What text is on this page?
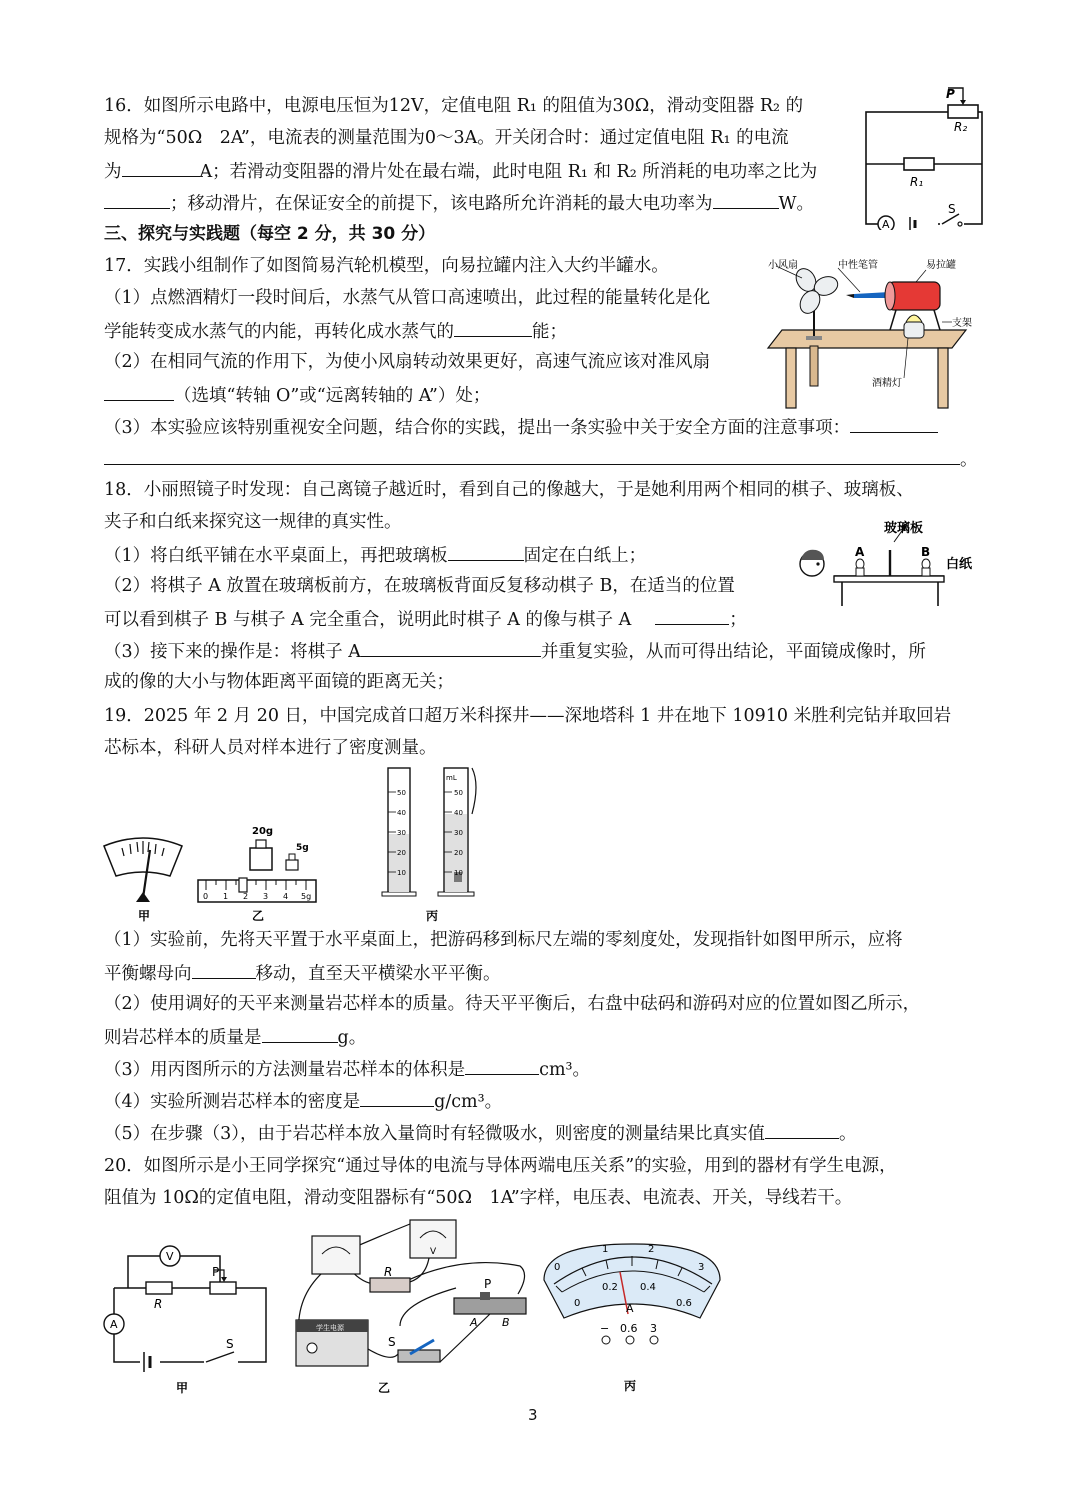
16．如图所示电路中，电源电压恒为12V，定值电阻 R₁ 的阻值为30Ω，滑动变阻器 R₂ 的
规格为“50Ω　2A”，电流表的测量范围为0～3A。开关闭合时：通过定值电阻 R₁ 的电流
为	A；若滑动变阻器的滑片处在最右端，此时电阻 R₁ 和 R₂ 所消耗的电功率之比为
；移动滑片，在保证安全的前提下，该电路所允许消耗的最大电功率为	W。
P
R₂
R₁
S
A
三、探究与实践题（每空 2 分，共 30 分）
17．实践小组制作了如图简易汽轮机模型，向易拉罐内注入大约半罐水。
（1）点燃酒精灯一段时间后，水蒸气从管口高速喷出，此过程的能量转化是化
学能转变成水蒸气的内能，再转化成水蒸气的	能；
（2）在相同气流的作用下，为使小风扇转动效果更好，高速气流应该对准风扇
（选填“转轴 O”或“远离转轴的 A”）处；
（3）本实验应该特别重视安全问题，结合你的实践，提出一条实验中关于安全方面的注意事项：
。
小风扇	中性笔管	易拉罐
支架
酒精灯
18．小丽照镜子时发现：自己离镜子越近时，看到自己的像越大，于是她利用两个相同的棋子、玻璃板、
夹子和白纸来探究这一规律的真实性。
（1）将白纸平铺在水平桌面上，再把玻璃板	固定在白纸上；
（2）将棋子 A 放置在玻璃板前方，在玻璃板背面反复移动棋子 B，在适当的位置
可以看到棋子 B 与棋子 A 完全重合，说明此时棋子 A 的像与棋子 A	；
（3）接下来的操作是：将棋子 A	并重复实验，从而可得出结论，平面镜成像时，所
成的像的大小与物体距离平面镜的距离无关；
玻璃板
白纸
A	B
19．2025 年 2 月 20 日，中国完成首口超万米科探井——深地塔科 1 井在地下 10910 米胜利完钻并取回岩
芯标本，科研人员对样本进行了密度测量。
甲
20g
5g
0 1 2 3 4 5g
乙
50
40
30
20
10
mL
50
40
30
20
10
丙
（1）实验前，先将天平置于水平桌面上，把游码移到标尺左端的零刻度处，发现指针如图甲所示，应将
平衡螺母向	移动，直至天平横梁水平平衡。
（2）使用调好的天平来测量岩芯样本的质量。待天平平衡后，右盘中砝码和游码对应的位置如图乙所示，
则岩芯样本的质量是	g。
（3）用丙图所示的方法测量岩芯样本的体积是	cm³。
（4）实验所测岩芯样本的密度是	g/cm³。
（5）在步骤（3），由于岩芯样本放入量筒时有轻微吸水，则密度的测量结果比真实值	。
20．如图所示是小王同学探究“通过导体的电流与导体两端电压关系”的实验，用到的器材有学生电源，
阻值为 10Ω的定值电阻，滑动变阻器标有“50Ω　1A”字样，电压表、电流表、开关，导线若干。
V
A
R
P
S
甲
V
R
P
A B
学生电源
S
乙
0
1	2
3
0
0.2 0.4
0.6
A
− 0.6 3
丙
3
